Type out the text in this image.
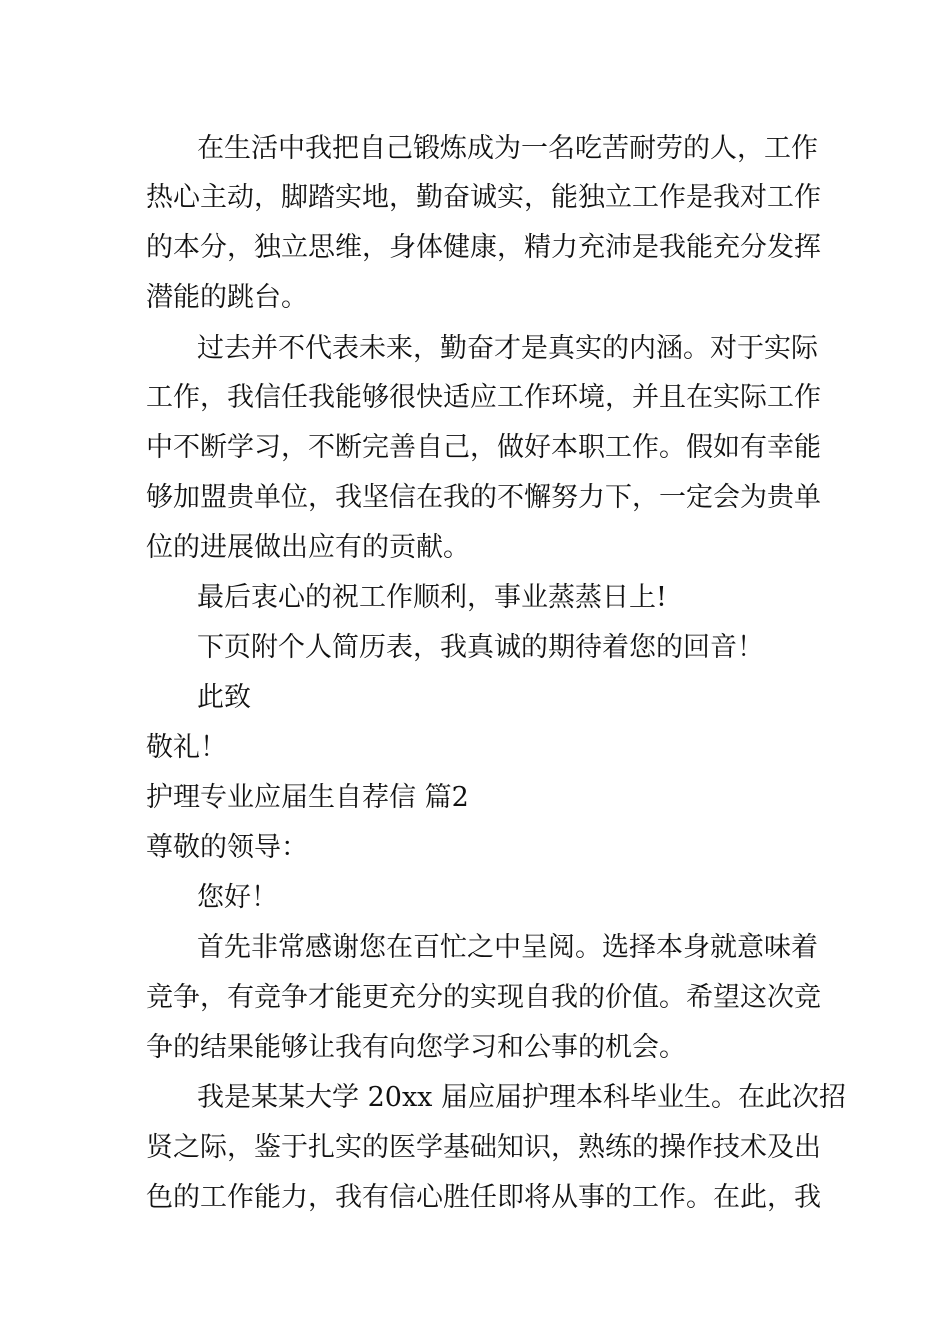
在生活中我把自己锻炼成为一名吃苦耐劳的人，工作
热心主动，脚踏实地，勤奋诚实，能独立工作是我对工作
的本分，独立思维，身体健康，精力充沛是我能充分发挥
潜能的跳台。
过去并不代表未来，勤奋才是真实的内涵。对于实际
工作，我信任我能够很快适应工作环境，并且在实际工作
中不断学习，不断完善自己，做好本职工作。假如有幸能
够加盟贵单位，我坚信在我的不懈努力下，一定会为贵单
位的进展做出应有的贡献。
最后衷心的祝工作顺利，事业蒸蒸日上!
下页附个人简历表，我真诚的期待着您的回音！
此致
敬礼！
护理专业应届生自荐信 篇2
尊敬的领导：
您好！
首先非常感谢您在百忙之中呈阅。选择本身就意味着
竞争，有竞争才能更充分的实现自我的价值。希望这次竞
争的结果能够让我有向您学习和公事的机会。
我是某某大学 20xx 届应届护理本科毕业生。在此次招
贤之际，鉴于扎实的医学基础知识，熟练的操作技术及出
色的工作能力，我有信心胜任即将从事的工作。在此，我
